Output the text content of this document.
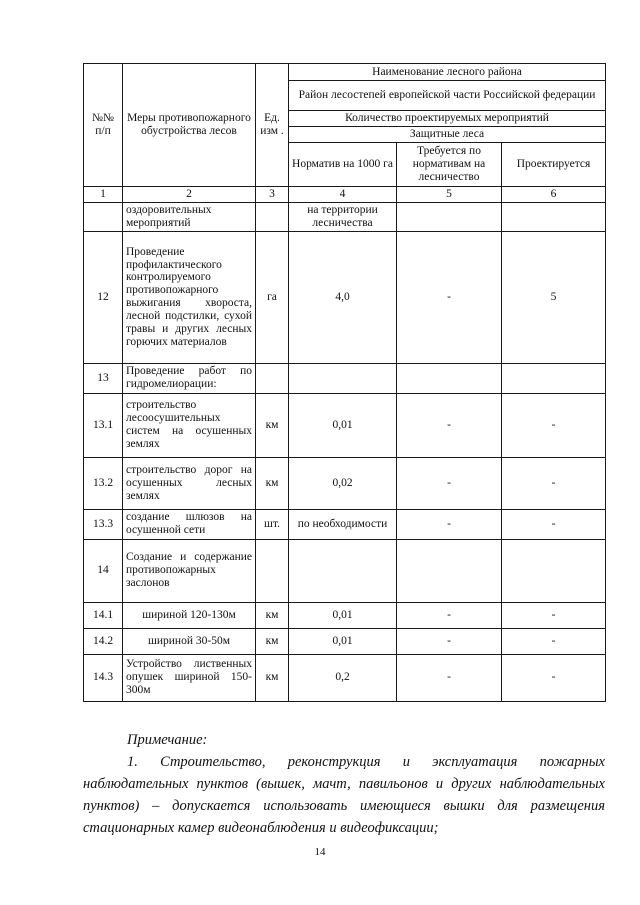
№№ п/п	Меры противопожарного обустройства лесов	Ед. изм .	Наименование лесного района		
			Район лесостепей европейской части Российской федерации		
			Количество проектируемых мероприятий		
			Защитные леса		
			Норматив на 1000 га	Требуется по нормативам на лесничество	Проектируется

1	2	3	4	5	6
	оздоровительных мероприятий		на территории лесничества		
12	Проведение профилактического контролируемого противопожарного выжигания хвороста, лесной подстилки, сухой травы и других лесных горючих материалов	га	4,0	-	5
13	Проведение работ по гидромелиорации:				
13.1	строительство лесоосушительных систем на осушенных землях	км	0,01	-	-
13.2	строительство дорог на осушенных лесных землях	км	0,02	-	-
13.3	создание шлюзов на осушенной сети	шт.	по необходимости	-	-
14	Создание и содержание противопожарных заслонов				
14.1	шириной 120-130м	км	0,01	-	-
14.2	шириной 30-50м	км	0,01	-	-
14.3	Устройство лиственных опушек шириной 150-300м	км	0,2	-	-
Примечание:
1. Строительство, реконструкция и эксплуатация пожарных наблюдательных пунктов (вышек, мачт, павильонов и других наблюдательных пунктов) – допускается использовать имеющиеся вышки для размещения стационарных камер видеонаблюдения и видеофиксации;
14
